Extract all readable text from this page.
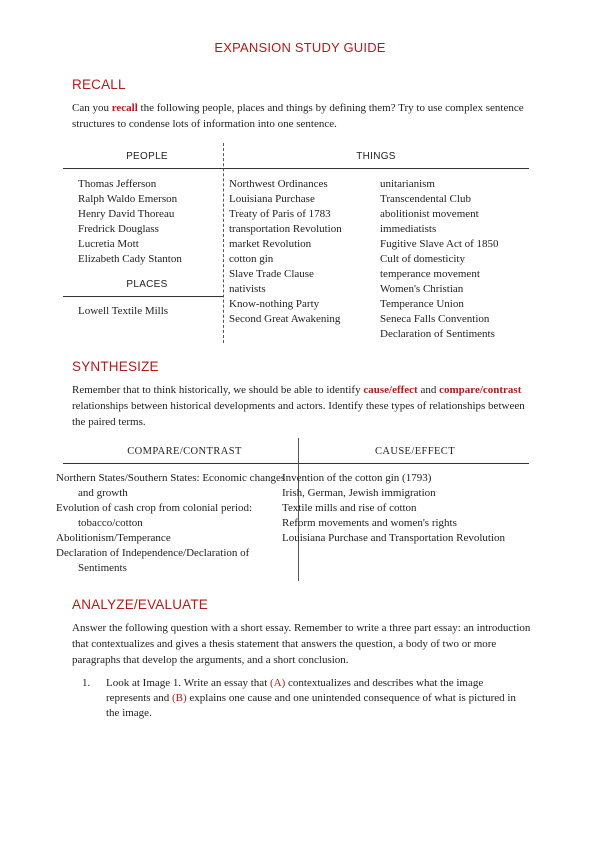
EXPANSION STUDY GUIDE
RECALL
Can you recall the following people, places and things by defining them? Try to use complex sentence structures to condense lots of information into one sentence.
PEOPLE	THINGS
Thomas Jefferson
Ralph Waldo Emerson
Henry David Thoreau
Fredrick Douglass
Lucretia Mott
Elizabeth Cady Stanton
PLACES
Lowell Textile Mills
Northwest Ordinances
Louisiana Purchase
Treaty of Paris of 1783
transportation Revolution
market Revolution
cotton gin
Slave Trade Clause
nativists
Know-nothing Party
Second Great Awakening
unitarianism
Transcendental Club
abolitionist movement
immediatists
Fugitive Slave Act of 1850
Cult of domesticity
temperance movement
Women's Christian
Temperance Union
Seneca Falls Convention
Declaration of Sentiments
SYNTHESIZE
Remember that to think historically, we should be able to identify cause/effect and compare/contrast relationships between historical developments and actors. Identify these types of relationships between the paired terms.
COMPARE/CONTRAST	CAUSE/EFFECT
Northern States/Southern States: Economic changes and growth
Evolution of cash crop from colonial period: tobacco/cotton
Abolitionism/Temperance
Declaration of Independence/Declaration of Sentiments
Invention of the cotton gin (1793)
Irish, German, Jewish immigration
Textile mills and rise of cotton
Reform movements and women's rights
Louisiana Purchase and Transportation Revolution
ANALYZE/EVALUATE
Answer the following question with a short essay. Remember to write a three part essay: an introduction that contextualizes and gives a thesis statement that answers the question, a body of two or more paragraphs that develop the arguments, and a short conclusion.
1. Look at Image 1. Write an essay that (A) contextualizes and describes what the image represents and (B) explains one cause and one unintended consequence of what is pictured in the image.
